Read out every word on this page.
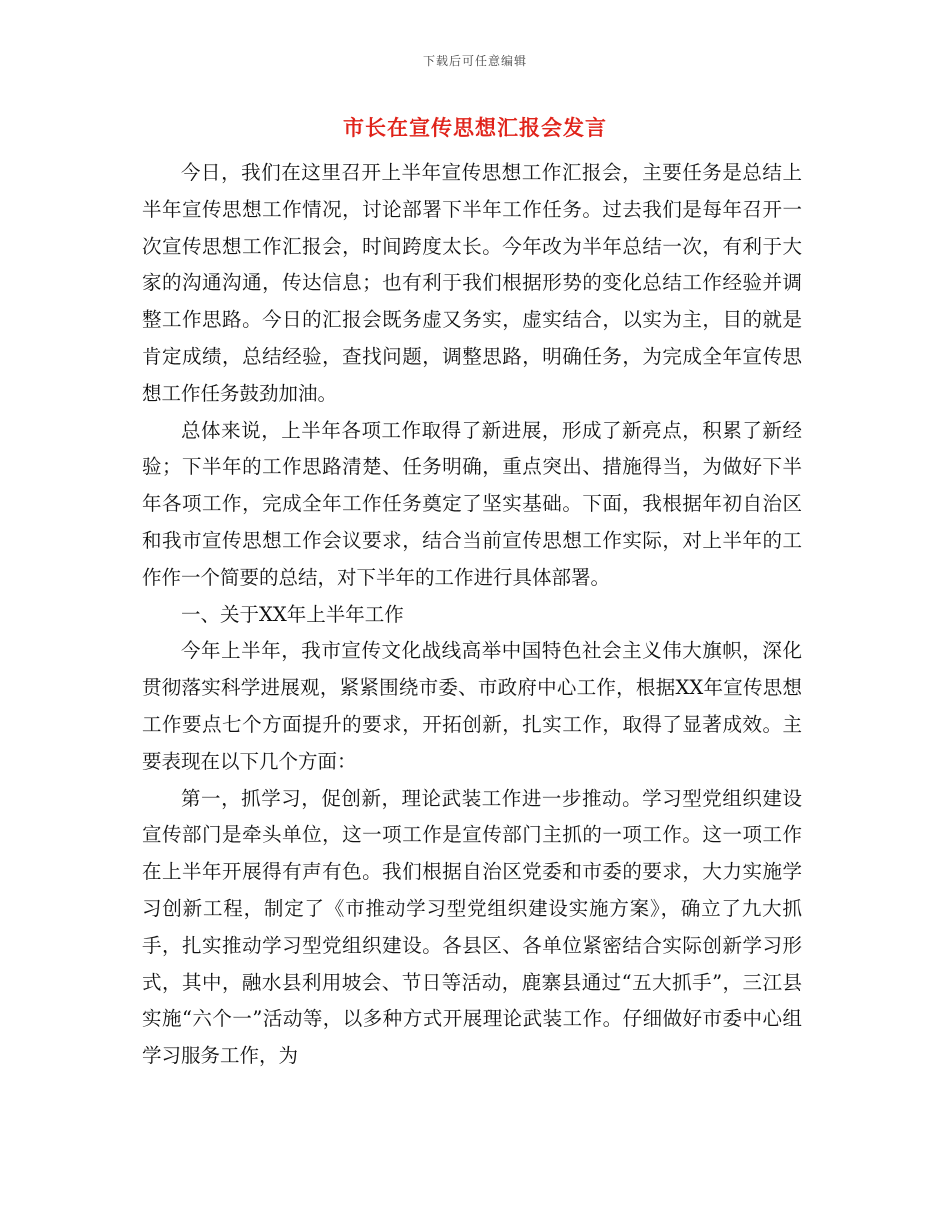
下载后可任意编辑
市长在宣传思想汇报会发言

今日，我们在这里召开上半年宣传思想工作汇报会，主要任务是总结上半年宣传思想工作情况，讨论部署下半年工作任务。过去我们是每年召开一次宣传思想工作汇报会，时间跨度太长。今年改为半年总结一次，有利于大家的沟通沟通，传达信息；也有利于我们根据形势的变化总结工作经验并调整工作思路。今日的汇报会既务虚又务实，虚实结合，以实为主，目的就是肯定成绩，总结经验，查找问题，调整思路，明确任务，为完成全年宣传思想工作任务鼓劲加油。

总体来说，上半年各项工作取得了新进展，形成了新亮点，积累了新经验；下半年的工作思路清楚、任务明确，重点突出、措施得当，为做好下半年各项工作，完成全年工作任务奠定了坚实基础。下面，我根据年初自治区和我市宣传思想工作会议要求，结合当前宣传思想工作实际，对上半年的工作作一个简要的总结，对下半年的工作进行具体部署。

一、关于XX年上半年工作

今年上半年，我市宣传文化战线高举中国特色社会主义伟大旗帜，深化贯彻落实科学进展观，紧紧围绕市委、市政府中心工作，根据XX年宣传思想工作要点七个方面提升的要求，开拓创新，扎实工作，取得了显著成效。主要表现在以下几个方面：

第一，抓学习，促创新，理论武装工作进一步推动。学习型党组织建设宣传部门是牵头单位，这一项工作是宣传部门主抓的一项工作。这一项工作在上半年开展得有声有色。我们根据自治区党委和市委的要求，大力实施学习创新工程，制定了《市推动学习型党组织建设实施方案》，确立了九大抓手，扎实推动学习型党组织建设。各县区、各单位紧密结合实际创新学习形式，其中，融水县利用坡会、节日等活动，鹿寨县通过“五大抓手”，三江县实施“六个一”活动等，以多种方式开展理论武装工作。仔细做好市委中心组学习服务工作，为
